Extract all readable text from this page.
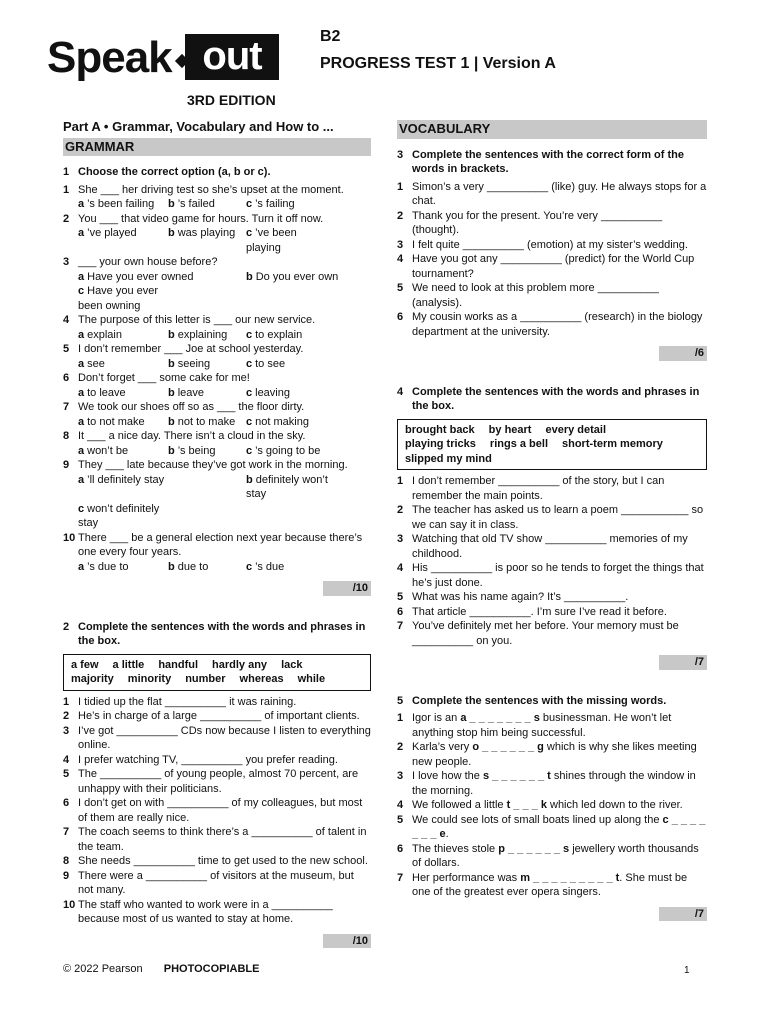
Speak out
3RD EDITION
B2
PROGRESS TEST 1 | Version A
Part A • Grammar, Vocabulary and How to ...
GRAMMAR
1 Choose the correct option (a, b or c).
1 She ___ her driving test so she’s upset at the moment.
a ’s been failing	b ’s failed	c ’s failing
2 You ___ that video game for hours. Turn it off now.
a ’ve played	b was playing c ’ve been playing
3 ___ your own house before?
a Have you ever owned	b Do you ever own
c Have you ever been owning
4 The purpose of this letter is ___ our new service.
a explain	b explaining	c to explain
5 I don’t remember ___ Joe at school yesterday.
a see	b seeing	c to see
6 Don’t forget ___ some cake for me!
a to leave	b leave	c leaving
7 We took our shoes off so as ___ the floor dirty.
a to not make	b not to make c not making
8 It ___ a nice day. There isn’t a cloud in the sky.
a won’t be	b ’s being	c ’s going to be
9 They ___ late because they’ve got work in the morning.
a ’ll definitely stay	b definitely won’t stay
c won’t definitely stay
10 There ___ be a general election next year because there’s one every four years.
a ’s due to	b due to	c ’s due
/10
2 Complete the sentences with the words and phrases in the box.
a few a little handful hardly any lack
majority minority number whereas while
1 I tidied up the flat __________ it was raining.
2 He’s in charge of a large __________ of important clients.
3 I’ve got __________ CDs now because I listen to everything online.
4 I prefer watching TV, __________ you prefer reading.
5 The __________ of young people, almost 70 percent, are unhappy with their politicians.
6 I don’t get on with __________ of my colleagues, but most of them are really nice.
7 The coach seems to think there’s a __________ of talent in the team.
8 She needs __________ time to get used to the new school.
9 There were a __________ of visitors at the museum, but not many.
10 The staff who wanted to work were in a __________ because most of us wanted to stay at home.
/10
VOCABULARY
3 Complete the sentences with the correct form of the words in brackets.
1 Simon’s a very __________ (like) guy. He always stops for a chat.
2 Thank you for the present. You’re very __________ (thought).
3 I felt quite __________ (emotion) at my sister’s wedding.
4 Have you got any __________ (predict) for the World Cup tournament?
5 We need to look at this problem more __________ (analysis).
6 My cousin works as a __________ (research) in the biology department at the university.
/6
4 Complete the sentences with the words and phrases in the box.
brought back by heart every detail
playing tricks rings a bell short-term memory
slipped my mind
1 I don’t remember __________ of the story, but I can remember the main points.
2 The teacher has asked us to learn a poem ___________ so we can say it in class.
3 Watching that old TV show __________ memories of my childhood.
4 His __________ is poor so he tends to forget the things that he’s just done.
5 What was his name again? It’s __________.
6 That article __________. I’m sure I’ve read it before.
7 You’ve definitely met her before. Your memory must be __________ on you.
/7
5 Complete the sentences with the missing words.
1 Igor is an a _ _ _ _ _ _ _ s businessman. He won’t let anything stop him being successful.
2 Karla’s very o _ _ _ _ _ _ g which is why she likes meeting new people.
3 I love how the s _ _ _ _ _ _ t shines through the window in the morning.
4 We followed a little t _ _ _ k which led down to the river.
5 We could see lots of small boats lined up along the c _ _ _ _ _ _ _ e.
6 The thieves stole p _ _ _ _ _ _ s jewellery worth thousands of dollars.
7 Her performance was m _ _ _ _ _ _ _ _ _ t. She must be one of the greatest ever opera singers.
/7
© 2022 Pearson PHOTOCOPIABLE	1
